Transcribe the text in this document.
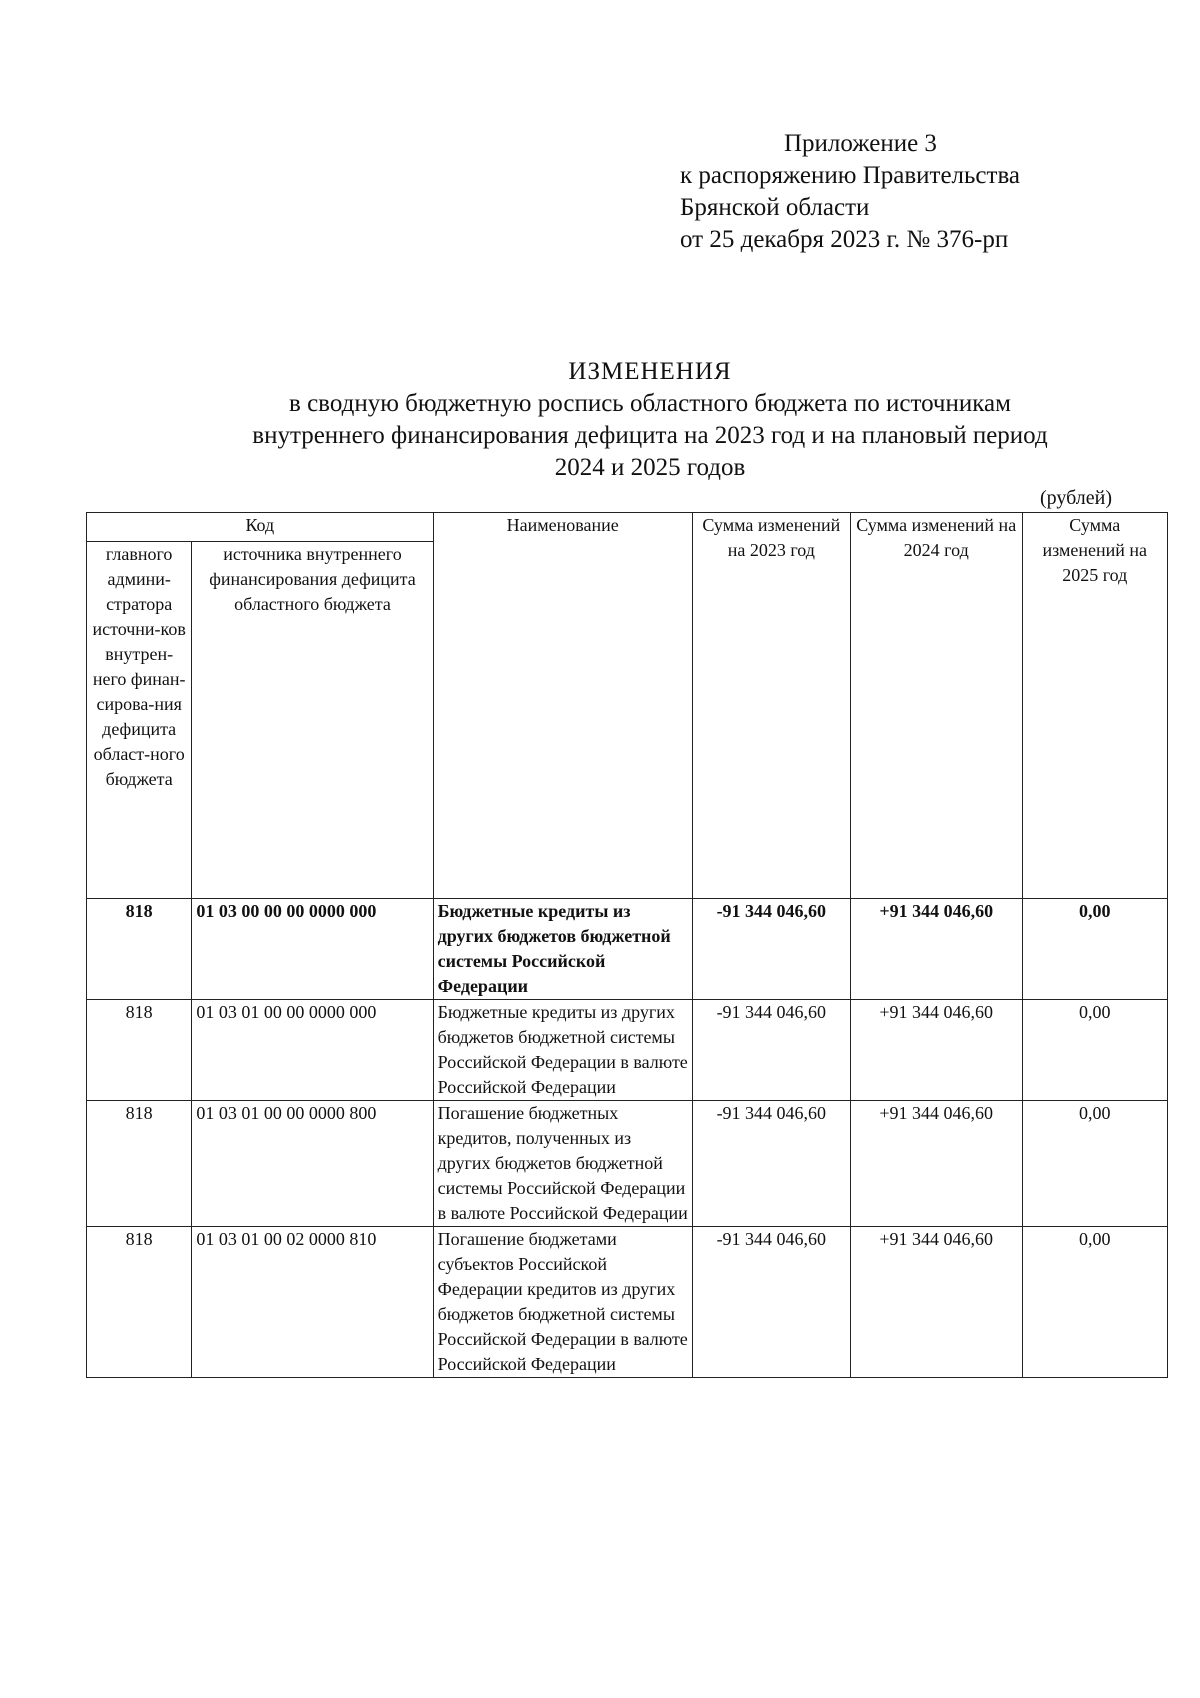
Приложение 3
к распоряжению Правительства
Брянской области
от 25 декабря 2023 г. № 376-рп
ИЗМЕНЕНИЯ
в сводную бюджетную роспись областного бюджета по источникам
внутреннего финансирования дефицита на 2023 год и на плановый период
2024 и 2025 годов
(рублей)
Код		Наименование	Сумма изменений на 2023 год	Сумма изменений на 2024 год	Сумма изменений на 2025 год
главного админи-стратора источни-ков внутрен-него финан-сирова-ния дефицита област-ного бюджета	источника внутреннего финансирования дефицита областного бюджета				
818	01 03 00 00 00 0000 000	Бюджетные кредиты из других бюджетов бюджетной системы Российской Федерации	-91 344 046,60	+91 344 046,60	0,00
818	01 03 01 00 00 0000 000	Бюджетные кредиты из других бюджетов бюджетной системы Российской Федерации в валюте Российской Федерации	-91 344 046,60	+91 344 046,60	0,00
818	01 03 01 00 00 0000 800	Погашение бюджетных кредитов, полученных из других бюджетов бюджетной системы Российской Федерации в валюте Российской Федерации	-91 344 046,60	+91 344 046,60	0,00
818	01 03 01 00 02 0000 810	Погашение бюджетами субъектов Российской Федерации кредитов из других бюджетов бюджетной системы Российской Федерации в валюте Российской Федерации	-91 344 046,60	+91 344 046,60	0,00
